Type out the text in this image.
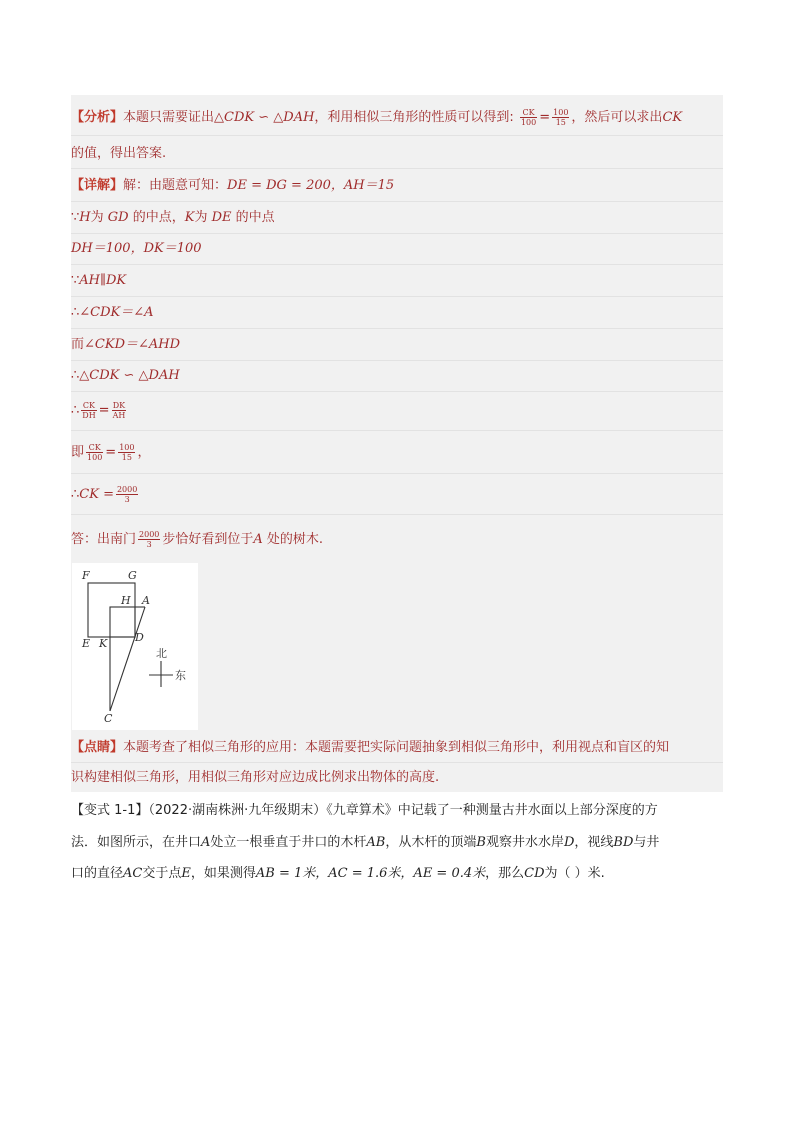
【分析】本题只需要证出△CDK ∽ △DAH，利用相似三角形的性质可以得到: $\frac{CK}{100} = \frac{100}{15}$ ，然后可以求出CK
的值，得出答案.
【详解】解：由题意可知：DE = DG = 200，AH＝15
∵H为 GD 的中点，K为 DE 的中点
DH＝100，DK＝100
∵AH∥DK
∴∠CDK＝∠A
而∠CKD＝∠AHD
∴△CDK ∽ △DAH
∴ $\frac{CK}{DH} = \frac{DK}{AH}$
即 $\frac{CK}{100} = \frac{100}{15}$ ，
∴CK = $\frac{2000}{3}$
答：出南门 $\frac{2000}{3}$ 步恰好看到位于A 处的树木.
F	G
H A
E K	D
C
北
东
【点睛】本题考查了相似三角形的应用：本题需要把实际问题抽象到相似三角形中，利用视点和盲区的知
识构建相似三角形，用相似三角形对应边成比例求出物体的高度.
【变式 1-1】（2022·湖南株洲·九年级期末）《九章算术》中记载了一种测量古井水面以上部分深度的方
法．如图所示，在井口A处立一根垂直于井口的木杆AB，从木杆的顶端B观察井水水岸D，视线BD与井
口的直径AC交于点E，如果测得AB = 1米，AC = 1.6米，AE = 0.4米，那么CD为（ ）米.
